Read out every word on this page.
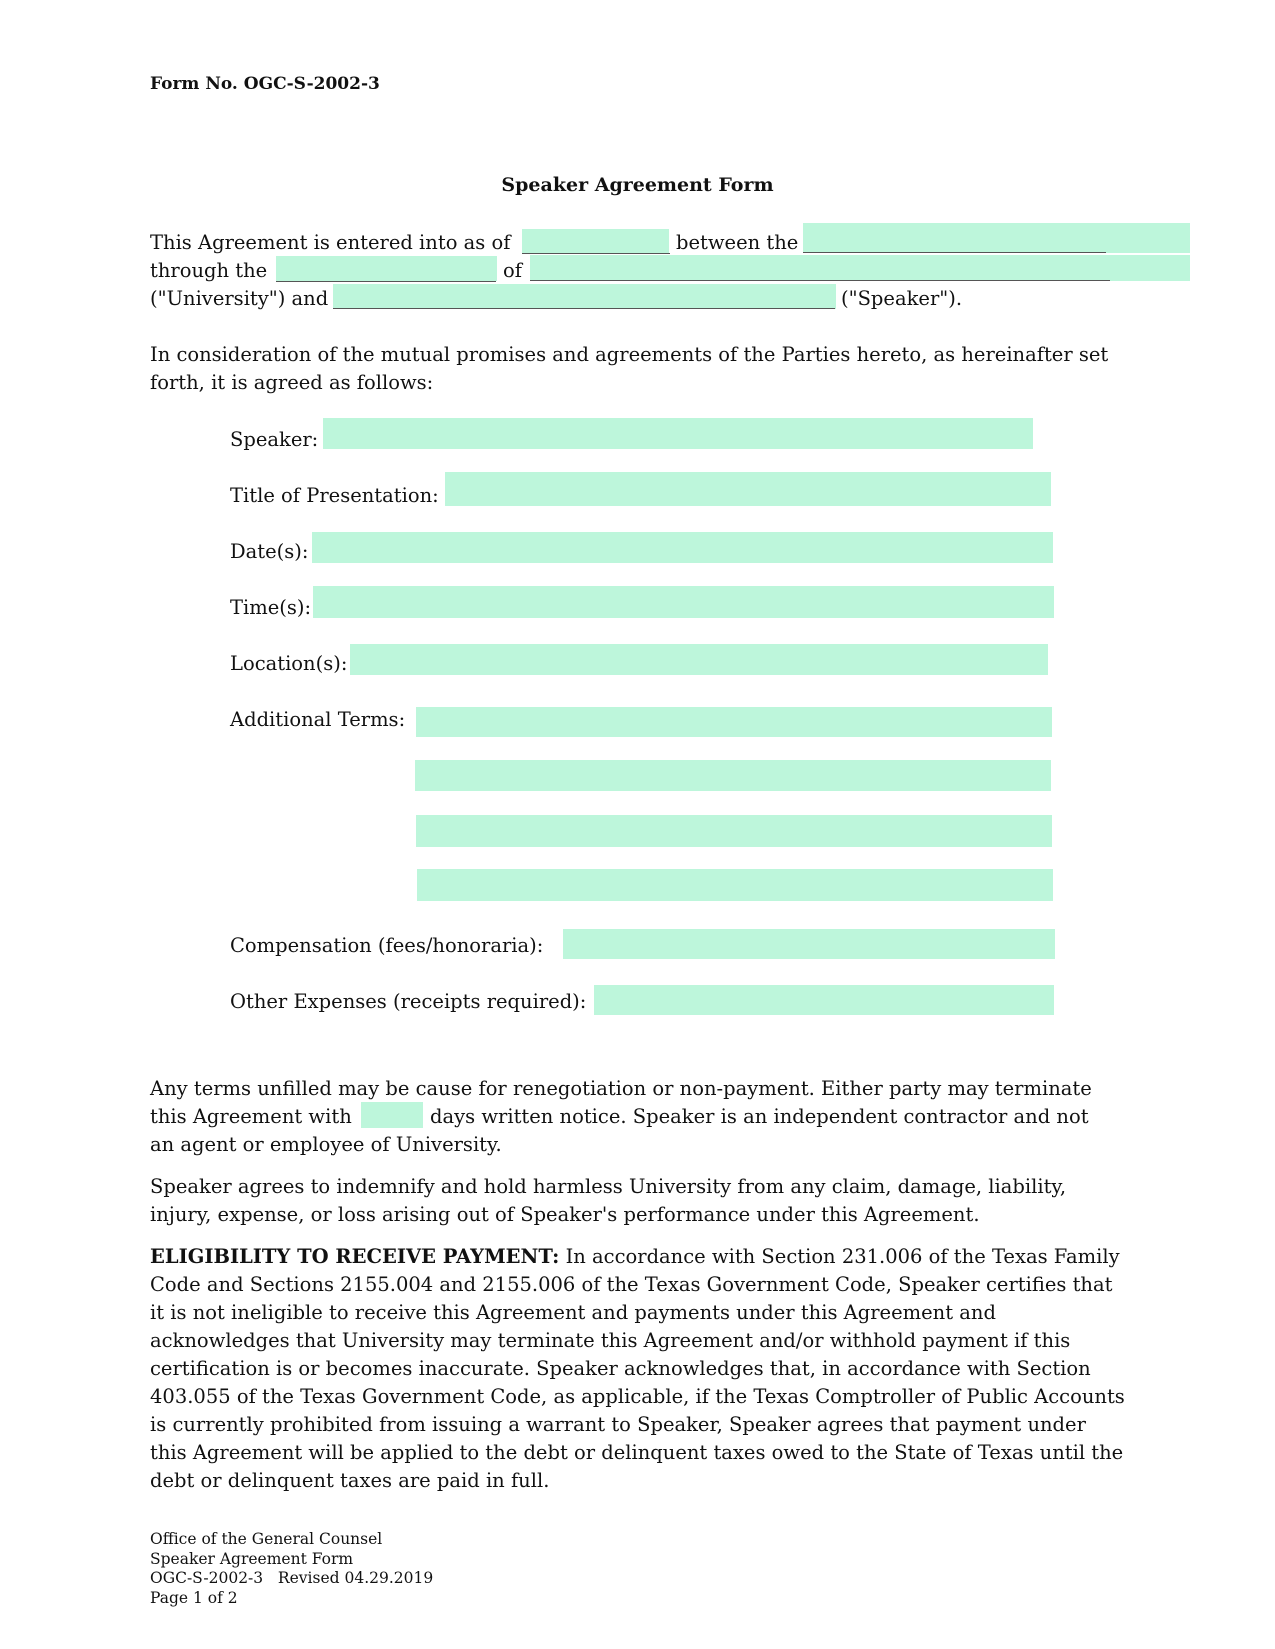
Form No. OGC-S-2002-3
Speaker Agreement Form
This Agreement is entered into as of	between the
through the	of
("University") and	("Speaker").
In consideration of the mutual promises and agreements of the Parties hereto, as hereinafter set forth, it is agreed as follows:
Speaker:
Title of Presentation:
Date(s):
Time(s):
Location(s):
Additional Terms:
Compensation (fees/honoraria):
Other Expenses (receipts required):
Any terms unfilled may be cause for renegotiation or non-payment. Either party may terminate
this Agreement with	days written notice. Speaker is an independent contractor and not
an agent or employee of University.
Speaker agrees to indemnify and hold harmless University from any claim, damage, liability, injury, expense, or loss arising out of Speaker's performance under this Agreement.
ELIGIBILITY TO RECEIVE PAYMENT: In accordance with Section 231.006 of the Texas Family Code and Sections 2155.004 and 2155.006 of the Texas Government Code, Speaker certifies that it is not ineligible to receive this Agreement and payments under this Agreement and acknowledges that University may terminate this Agreement and/or withhold payment if this certification is or becomes inaccurate. Speaker acknowledges that, in accordance with Section 403.055 of the Texas Government Code, as applicable, if the Texas Comptroller of Public Accounts is currently prohibited from issuing a warrant to Speaker, Speaker agrees that payment under this Agreement will be applied to the debt or delinquent taxes owed to the State of Texas until the debt or delinquent taxes are paid in full.
Office of the General Counsel
Speaker Agreement Form
OGC-S-2002-3   Revised 04.29.2019
Page 1 of 2
